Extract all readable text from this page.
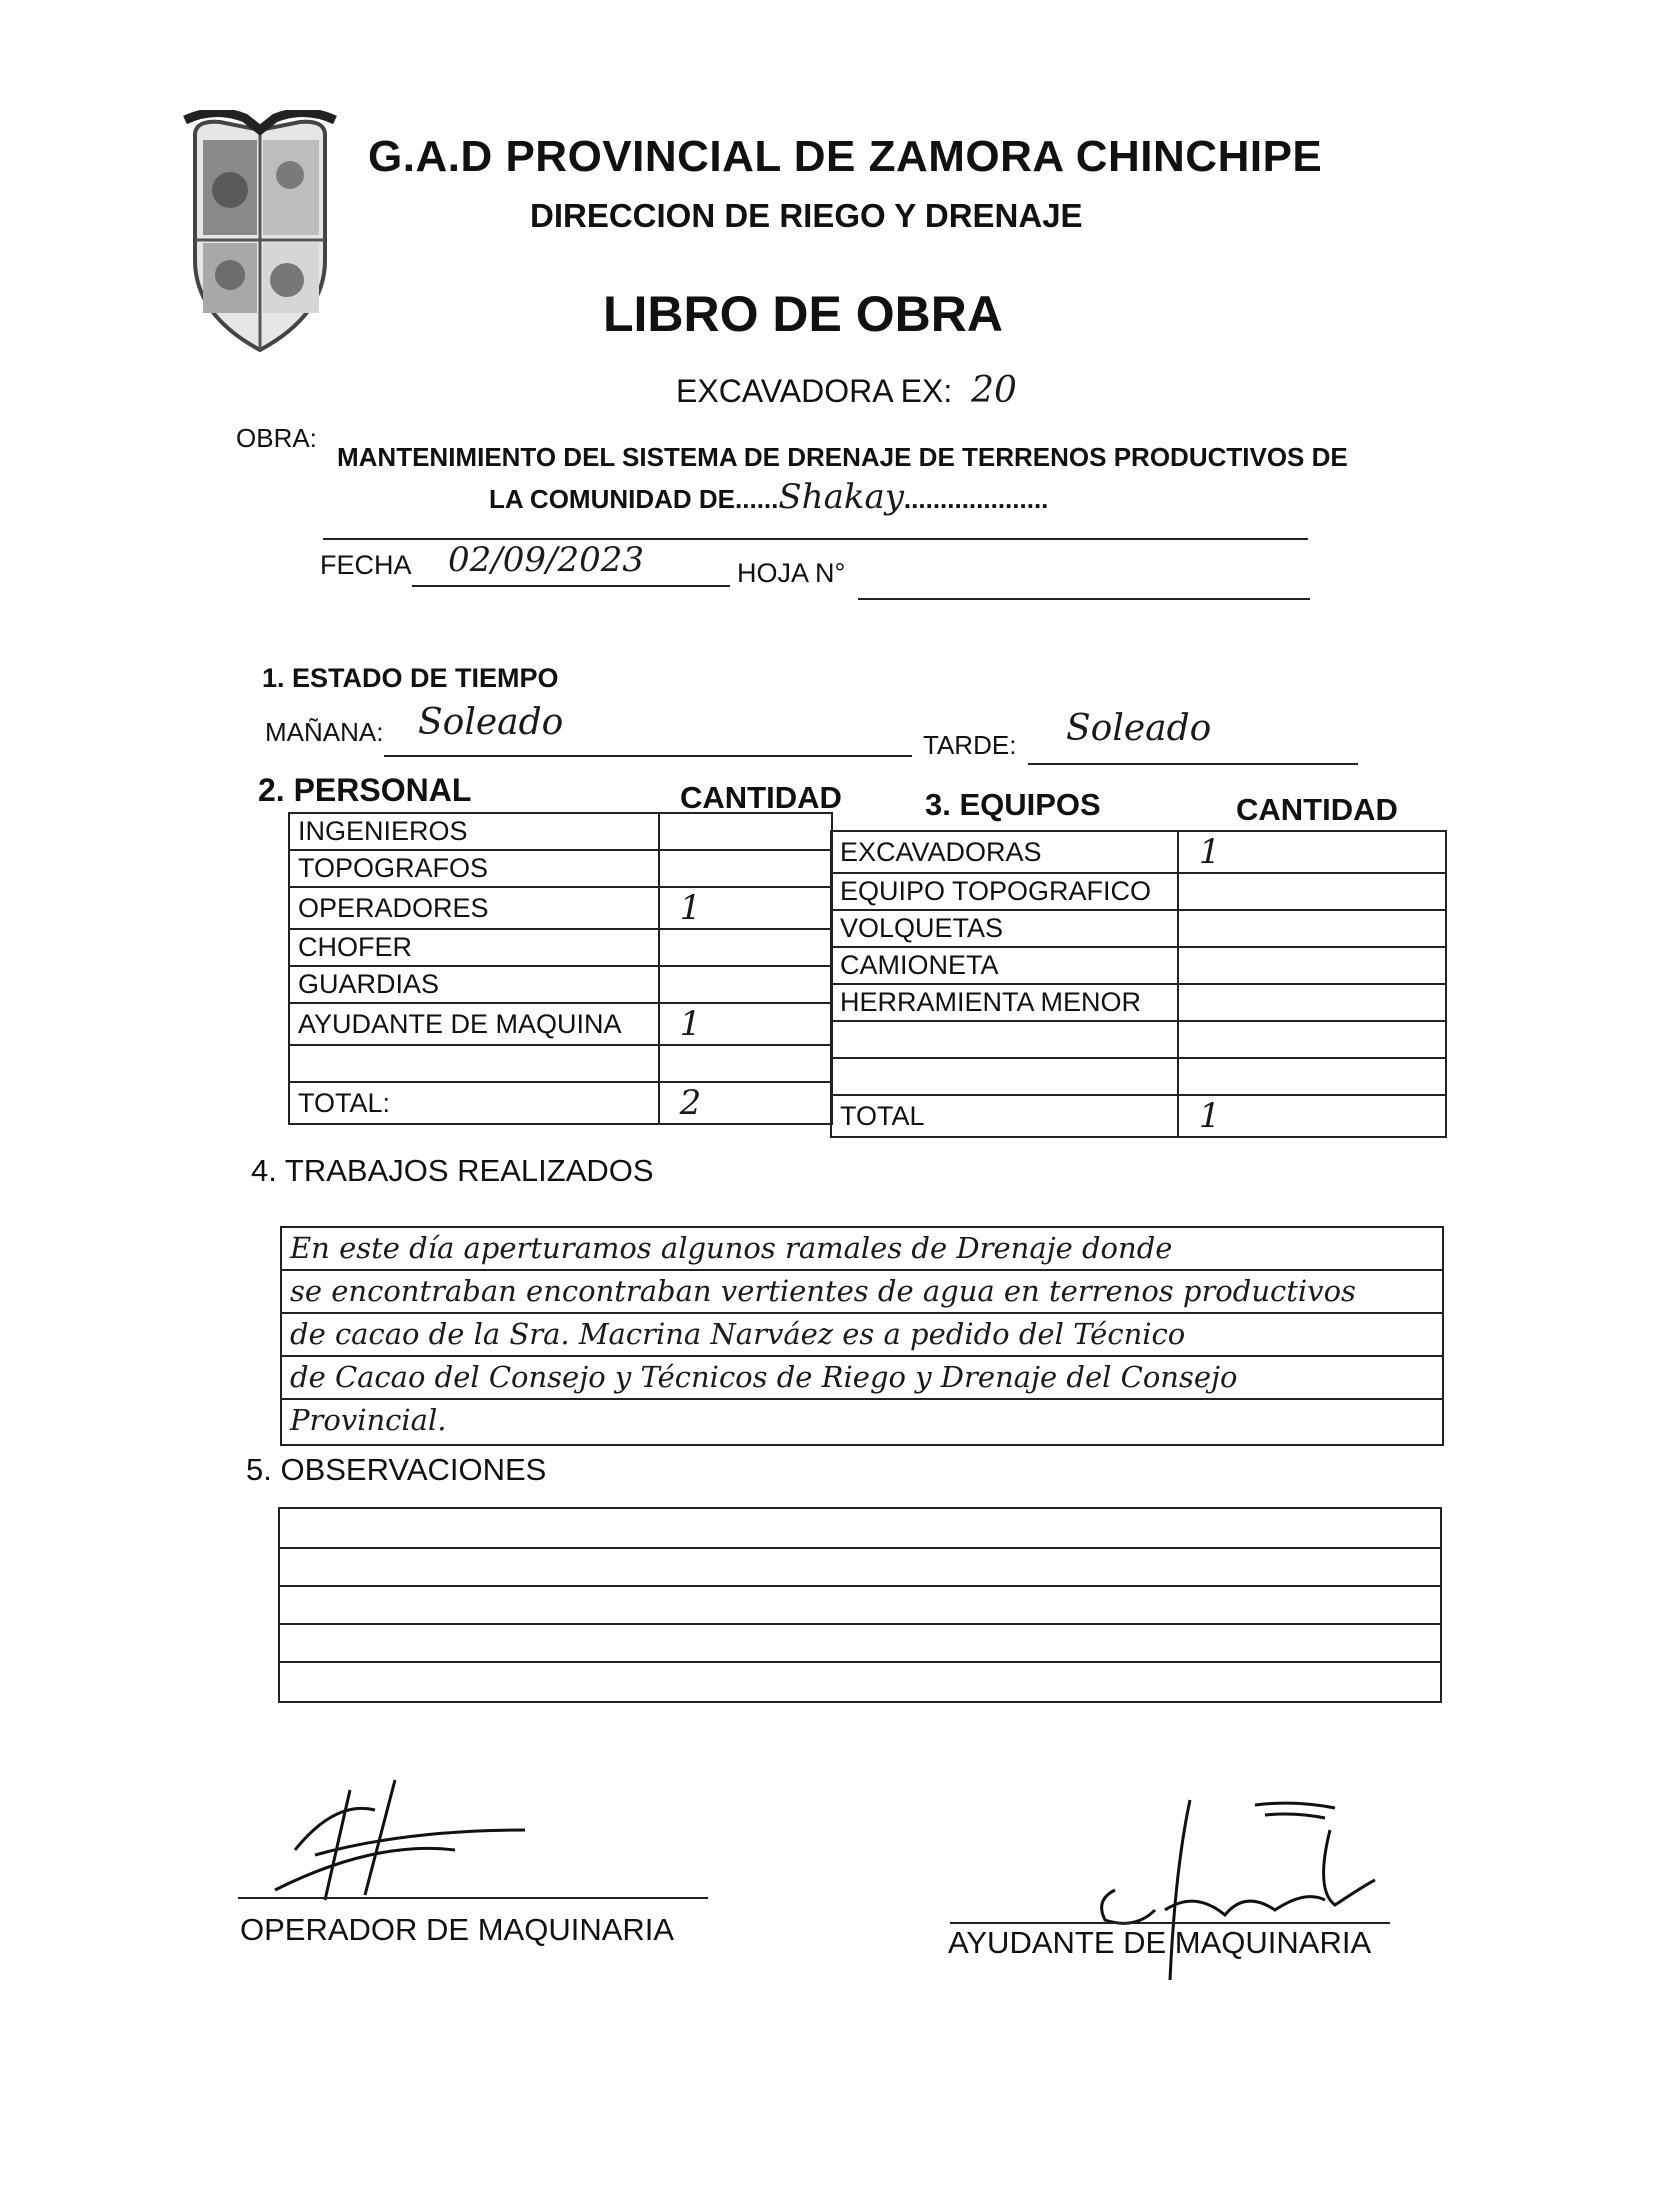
G.A.D PROVINCIAL DE ZAMORA CHINCHIPE
DIRECCION DE RIEGO Y DRENAJE
LIBRO DE OBRA
EXCAVADORA EX: 20
OBRA:
MANTENIMIENTO DEL SISTEMA DE DRENAJE DE TERRENOS PRODUCTIVOS DE
LA COMUNIDAD DE......Shakay....................
FECHA 02/09/2023	HOJA N°
1. ESTADO DE TIEMPO
MAÑANA: Soleado
TARDE: Soleado
2. PERSONAL	CANTIDAD	3. EQUIPOS	CANTIDAD
INGENIEROS	
TOPOGRAFOS	
OPERADORES	1
CHOFER	
GUARDIAS	
AYUDANTE DE MAQUINA	1

TOTAL:	2
EXCAVADORAS	1
EQUIPO TOPOGRAFICO	
VOLQUETAS	
CAMIONETA	
HERRAMIENTA MENOR	

TOTAL	1
4. TRABAJOS REALIZADOS
En este día aperturamos algunos ramales de Drenaje donde
se encontraban encontraban vertientes de agua en terrenos productivos
de cacao de la Sra. Macrina Narváez es a pedido del Técnico
de Cacao del Consejo y Técnicos de Riego y Drenaje del Consejo
Provincial.
5. OBSERVACIONES
OPERADOR DE MAQUINARIA	AYUDANTE DE MAQUINARIA
